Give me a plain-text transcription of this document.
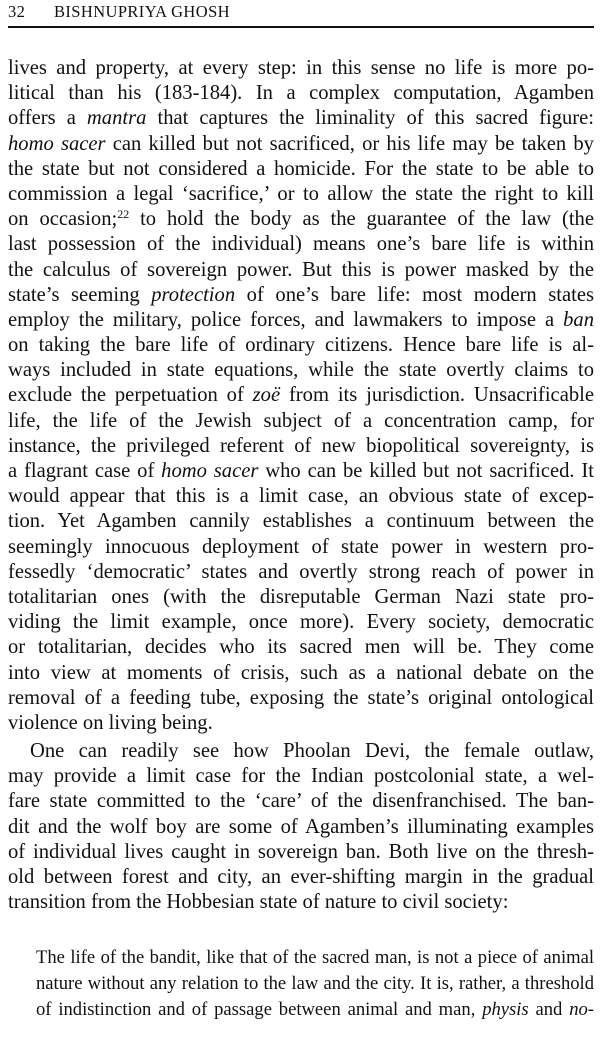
32 BISHNUPRIYA GHOSH
lives and property, at every step: in this sense no life is more po-
litical than his (183-184). In a complex computation, Agamben
offers a mantra that captures the liminality of this sacred figure:
homo sacer can killed but not sacrificed, or his life may be taken by
the state but not considered a homicide. For the state to be able to
commission a legal ‘sacrifice,’ or to allow the state the right to kill
on occasion;$^{22}$ to hold the body as the guarantee of the law (the
last possession of the individual) means one’s bare life is within
the calculus of sovereign power. But this is power masked by the
state’s seeming protection of one’s bare life: most modern states
employ the military, police forces, and lawmakers to impose a ban
on taking the bare life of ordinary citizens. Hence bare life is al-
ways included in state equations, while the state overtly claims to
exclude the perpetuation of zoë from its jurisdiction. Unsacrificable
life, the life of the Jewish subject of a concentration camp, for
instance, the privileged referent of new biopolitical sovereignty, is
a flagrant case of homo sacer who can be killed but not sacrificed. It
would appear that this is a limit case, an obvious state of excep-
tion. Yet Agamben cannily establishes a continuum between the
seemingly innocuous deployment of state power in western pro-
fessedly ‘democratic’ states and overtly strong reach of power in
totalitarian ones (with the disreputable German Nazi state pro-
viding the limit example, once more). Every society, democratic
or totalitarian, decides who its sacred men will be. They come
into view at moments of crisis, such as a national debate on the
removal of a feeding tube, exposing the state’s original ontological
violence on living being.
One can readily see how Phoolan Devi, the female outlaw,
may provide a limit case for the Indian postcolonial state, a wel-
fare state committed to the ‘care’ of the disenfranchised. The ban-
dit and the wolf boy are some of Agamben’s illuminating examples
of individual lives caught in sovereign ban. Both live on the thresh-
old between forest and city, an ever-shifting margin in the gradual
transition from the Hobbesian state of nature to civil society:
The life of the bandit, like that of the sacred man, is not a piece of animal
nature without any relation to the law and the city. It is, rather, a threshold
of indistinction and of passage between animal and man, physis and no-
